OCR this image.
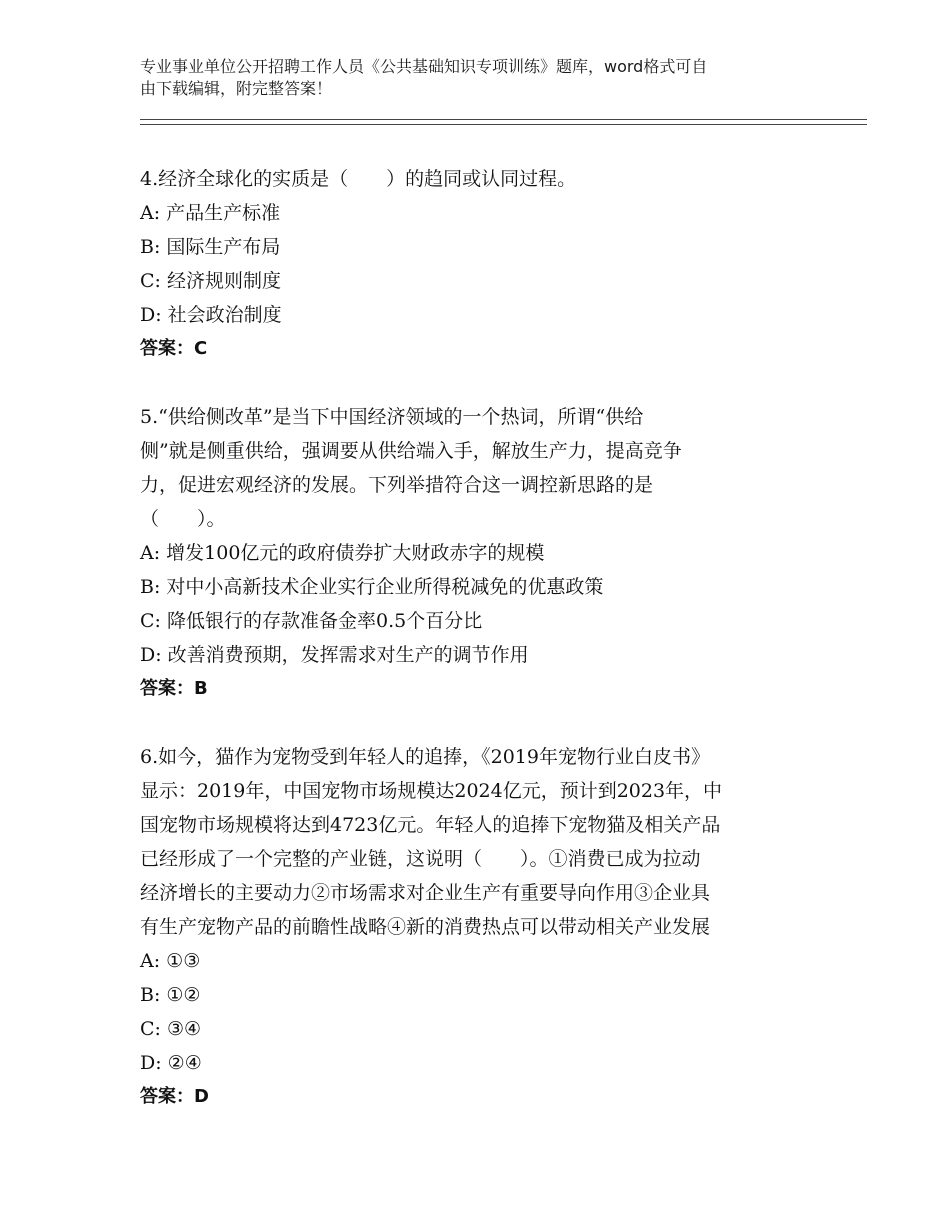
专业事业单位公开招聘工作人员《公共基础知识专项训练》题库，word格式可自
由下载编辑，附完整答案！

4.经济全球化的实质是（　　）的趋同或认同过程。

A: 产品生产标准

B: 国际生产布局

C: 经济规则制度

D: 社会政治制度

答案：C

5.“供给侧改革”是当下中国经济领域的一个热词，所谓“供给
侧”就是侧重供给，强调要从供给端入手，解放生产力，提高竞争
力，促进宏观经济的发展。下列举措符合这一调控新思路的是
（　　）。

A: 增发100亿元的政府债券扩大财政赤字的规模

B: 对中小高新技术企业实行企业所得税减免的优惠政策

C: 降低银行的存款准备金率0.5个百分比

D: 改善消费预期，发挥需求对生产的调节作用

答案：B

6.如今，猫作为宠物受到年轻人的追捧，《2019年宠物行业白皮书》
显示：2019年，中国宠物市场规模达2024亿元，预计到2023年，中
国宠物市场规模将达到4723亿元。年轻人的追捧下宠物猫及相关产品
已经形成了一个完整的产业链，这说明（　　）。①消费已成为拉动
经济增长的主要动力②市场需求对企业生产有重要导向作用③企业具
有生产宠物产品的前瞻性战略④新的消费热点可以带动相关产业发展

A: ①③

B: ①②

C: ③④

D: ②④

答案：D
